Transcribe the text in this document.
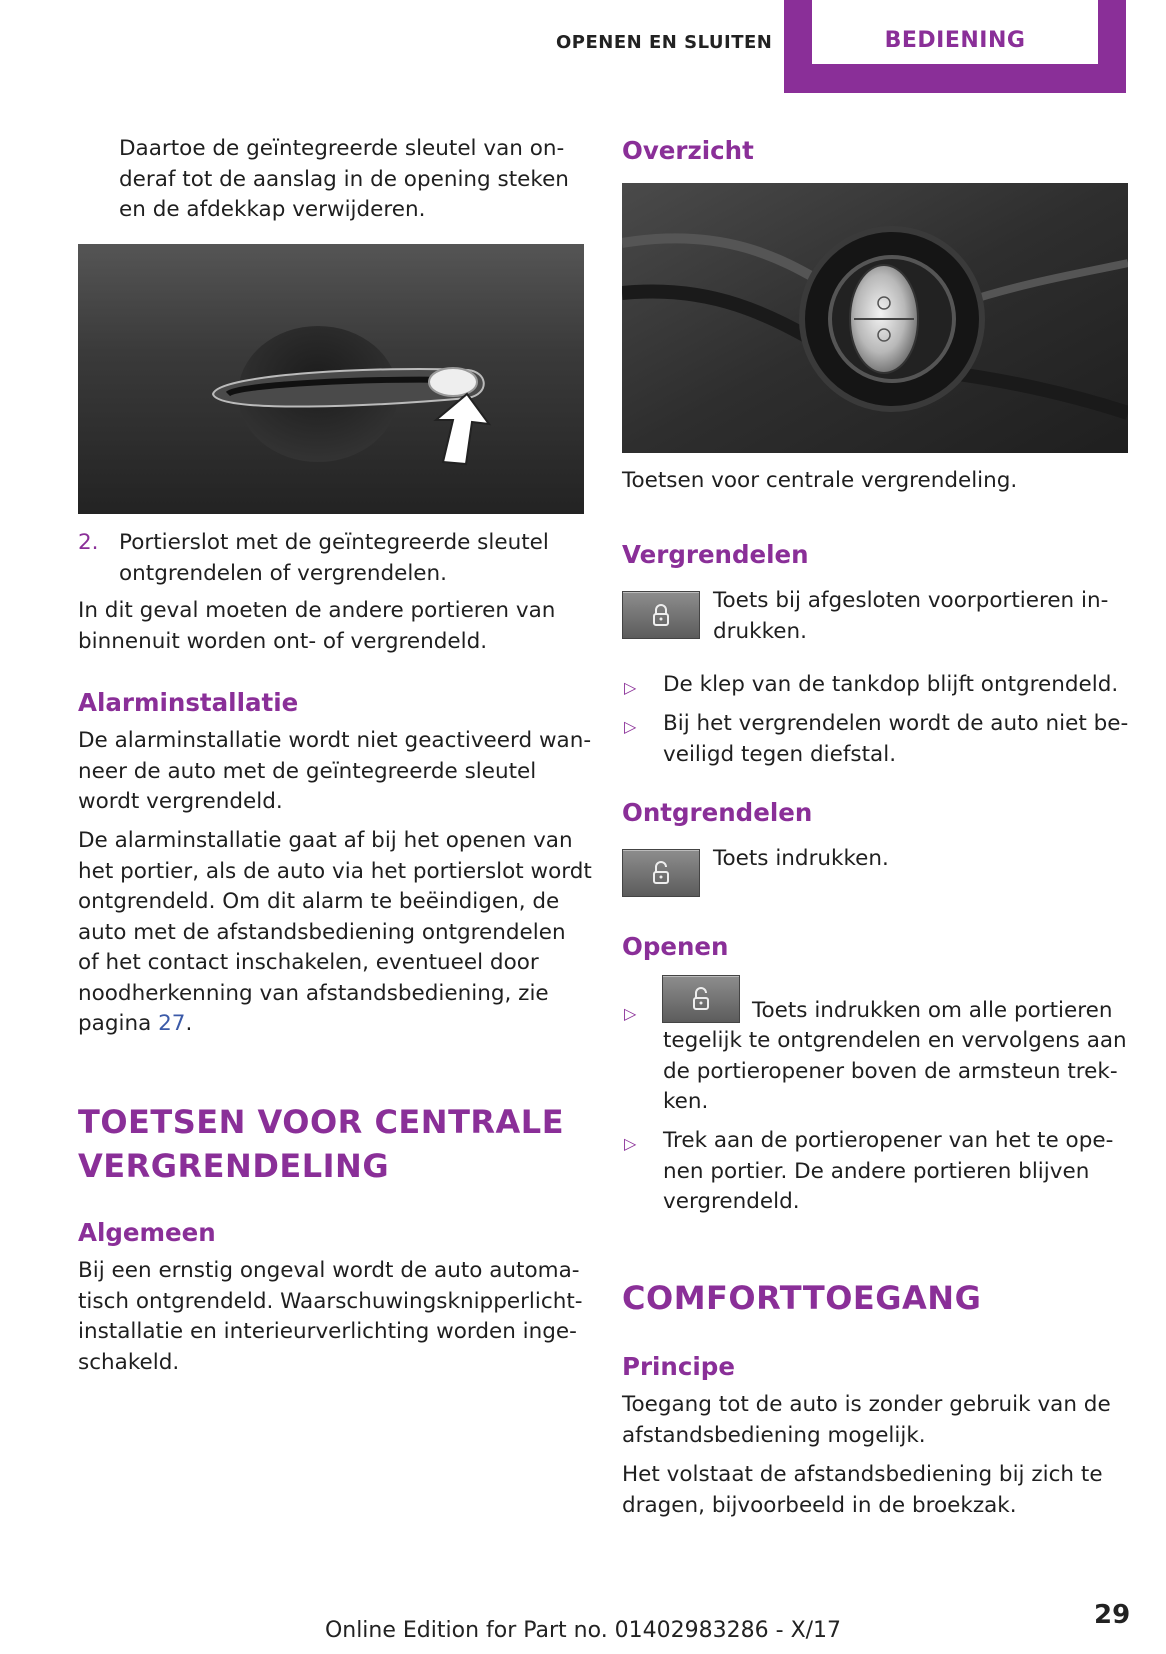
OPENEN EN SLUITEN	BEDIENING
Daartoe de geïntegreerde sleutel van on-
deraf tot de aanslag in de opening steken
en de afdekkap verwijderen.
2. Portierslot met de geïntegreerde sleutel
ontgrendelen of vergrendelen.
In dit geval moeten de andere portieren van
binnenuit worden ont- of vergrendeld.
Alarminstallatie
De alarminstallatie wordt niet geactiveerd wan-
neer de auto met de geïntegreerde sleutel
wordt vergrendeld.
De alarminstallatie gaat af bij het openen van
het portier, als de auto via het portierslot wordt
ontgrendeld. Om dit alarm te beëindigen, de
auto met de afstandsbediening ontgrendelen
of het contact inschakelen, eventueel door
noodherkenning van afstandsbediening, zie
pagina 27.
TOETSEN VOOR CENTRALE
VERGRENDELING
Algemeen
Bij een ernstig ongeval wordt de auto automa-
tisch ontgrendeld. Waarschuwingsknipperlicht-
installatie en interieurverlichting worden inge-
schakeld.
Overzicht
Toetsen voor centrale vergrendeling.
Vergrendelen
Toets bij afgesloten voorportieren in-
drukken.
▷ De klep van de tankdop blijft ontgrendeld.
▷ Bij het vergrendelen wordt de auto niet be-
veiligd tegen diefstal.
Ontgrendelen
Toets indrukken.
Openen
▷	Toets indrukken om alle portieren
tegelijk te ontgrendelen en vervolgens aan
de portieropener boven de armsteun trek-
ken.
▷ Trek aan de portieropener van het te ope-
nen portier. De andere portieren blijven
vergrendeld.
COMFORTTOEGANG
Principe
Toegang tot de auto is zonder gebruik van de
afstandsbediening mogelijk.
Het volstaat de afstandsbediening bij zich te
dragen, bijvoorbeeld in de broekzak.
Online Edition for Part no. 01402983286 - X/17
29
